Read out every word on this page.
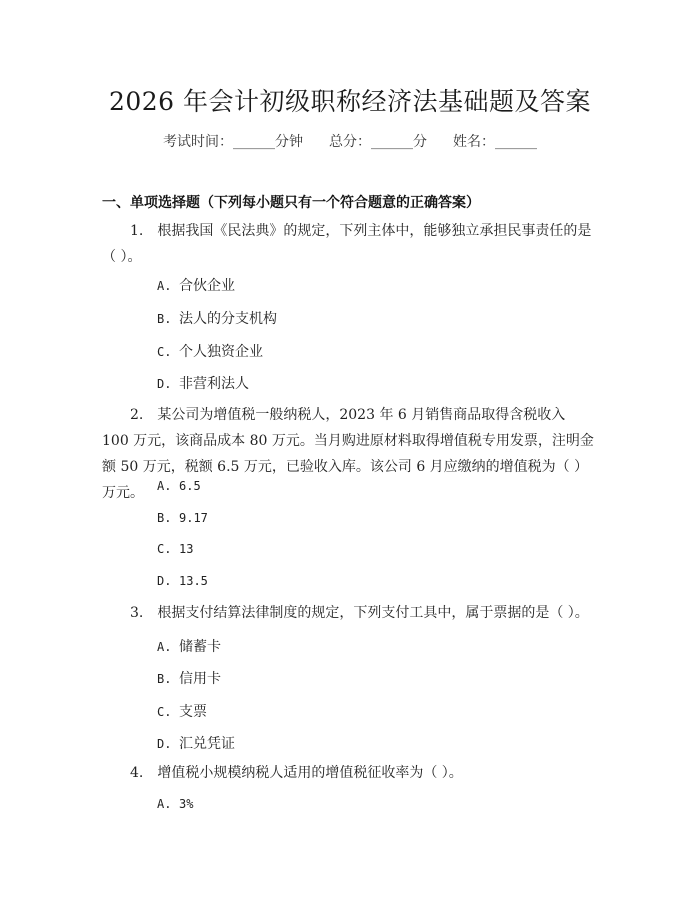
2026 年会计初级职称经济法基础题及答案
考试时间：______分钟 总分：______分 姓名：______
一、单项选择题（下列每小题只有一个符合题意的正确答案）
1. 根据我国《民法典》的规定，下列主体中，能够独立承担民事责任的是（ ）。
A. 合伙企业
B. 法人的分支机构
C. 个人独资企业
D. 非营利法人
2. 某公司为增值税一般纳税人，2023 年 6 月销售商品取得含税收入 100 万元，该商品成本 80 万元。当月购进原材料取得增值税专用发票，注明金额 50 万元，税额 6.5 万元，已验收入库。该公司 6 月应缴纳的增值税为（ ）万元。	A. 6.5
B. 9.17
C. 13
D. 13.5
3. 根据支付结算法律制度的规定，下列支付工具中，属于票据的是（ ）。
A. 储蓄卡
B. 信用卡
C. 支票
D. 汇兑凭证
4. 增值税小规模纳税人适用的增值税征收率为（ ）。
A. 3%
